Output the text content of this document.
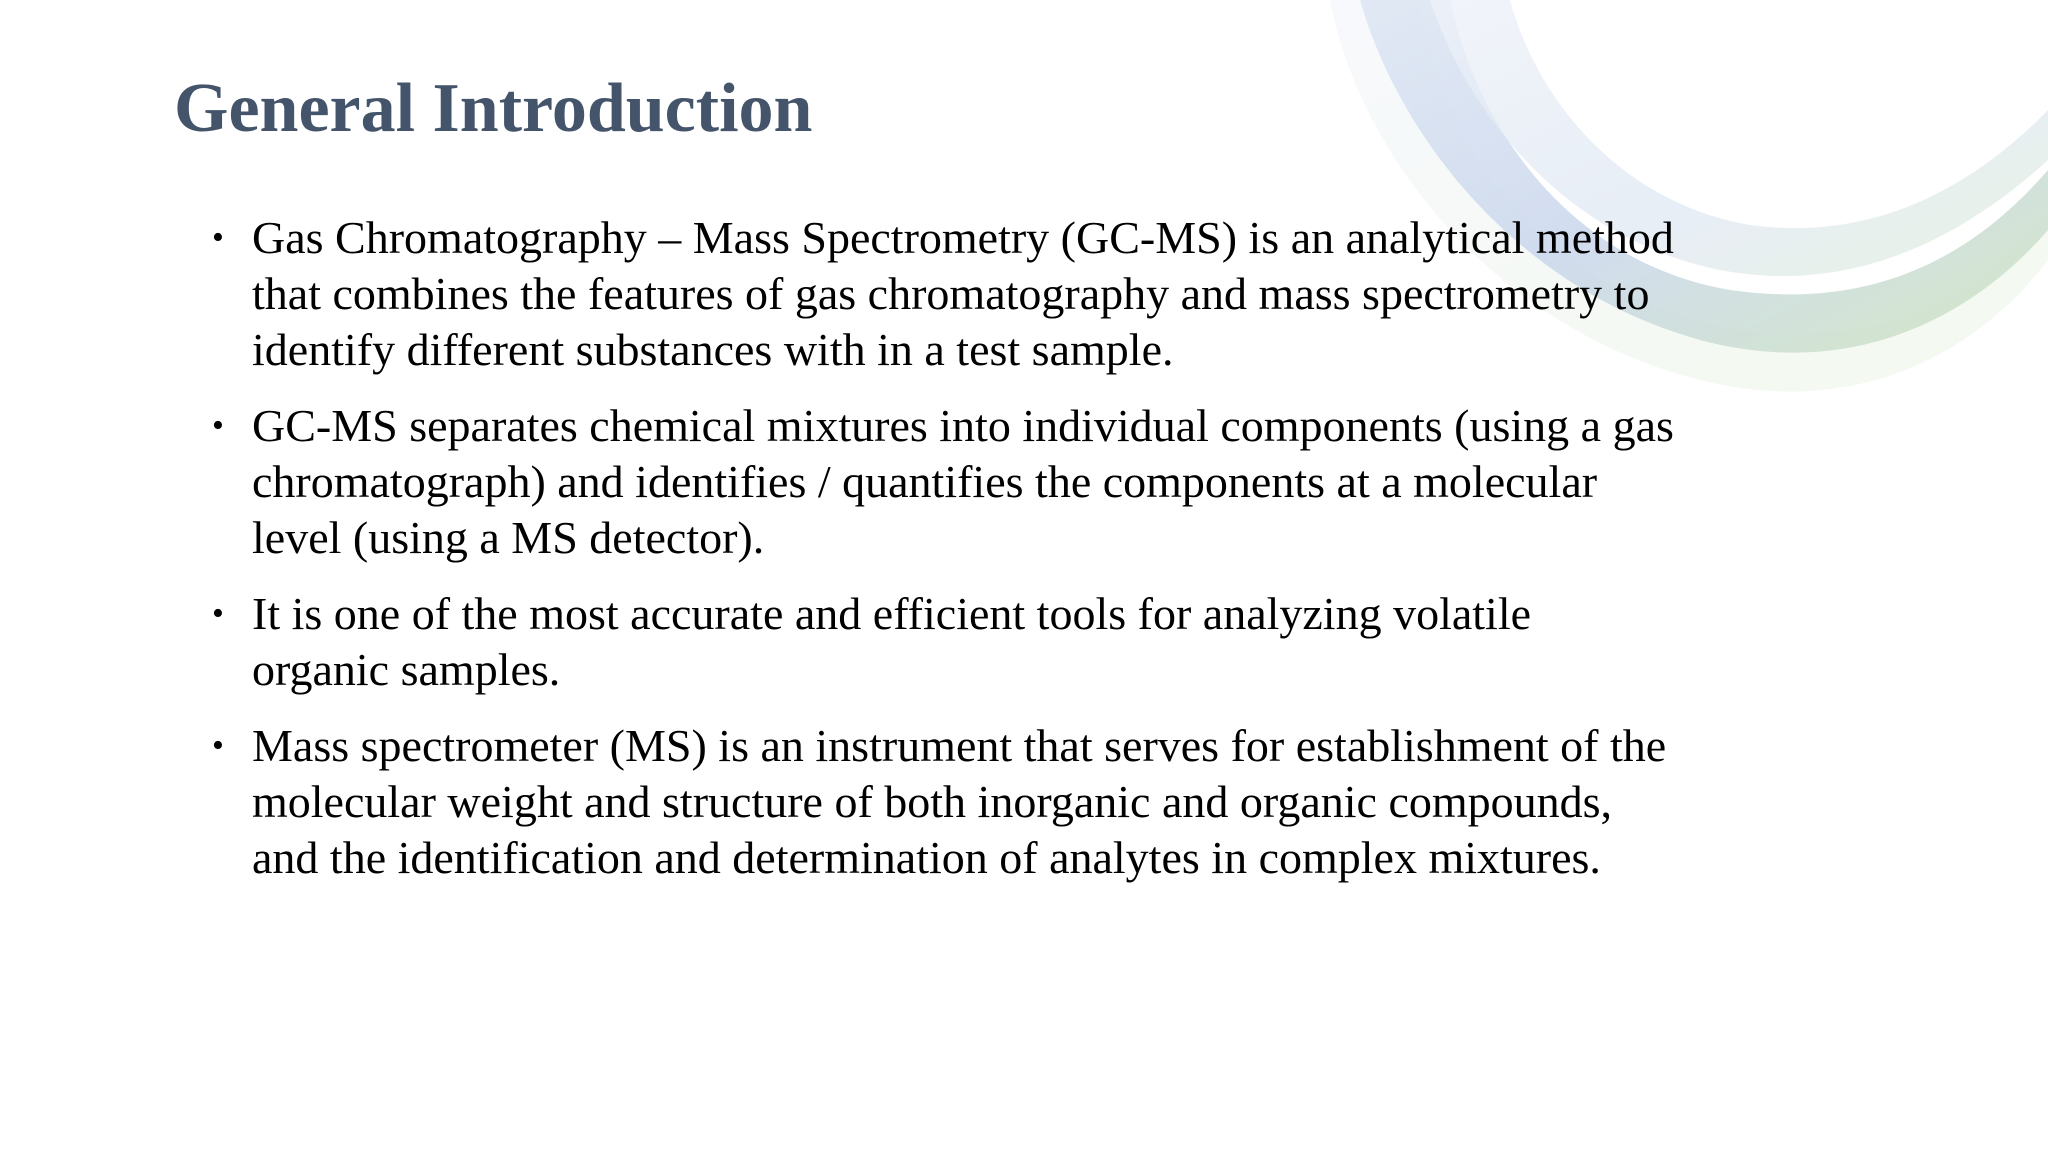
General Introduction
• Gas Chromatography – Mass Spectrometry (GC-MS) is an analytical method
that combines the features of gas chromatography and mass spectrometry to
identify different substances with in a test sample.
• GC-MS separates chemical mixtures into individual components (using a gas
chromatograph) and identifies / quantifies the components at a molecular
level (using a MS detector).
• It is one of the most accurate and efficient tools for analyzing volatile
organic samples.
• Mass spectrometer (MS) is an instrument that serves for establishment of the
molecular weight and structure of both inorganic and organic compounds,
and the identification and determination of analytes in complex mixtures.
